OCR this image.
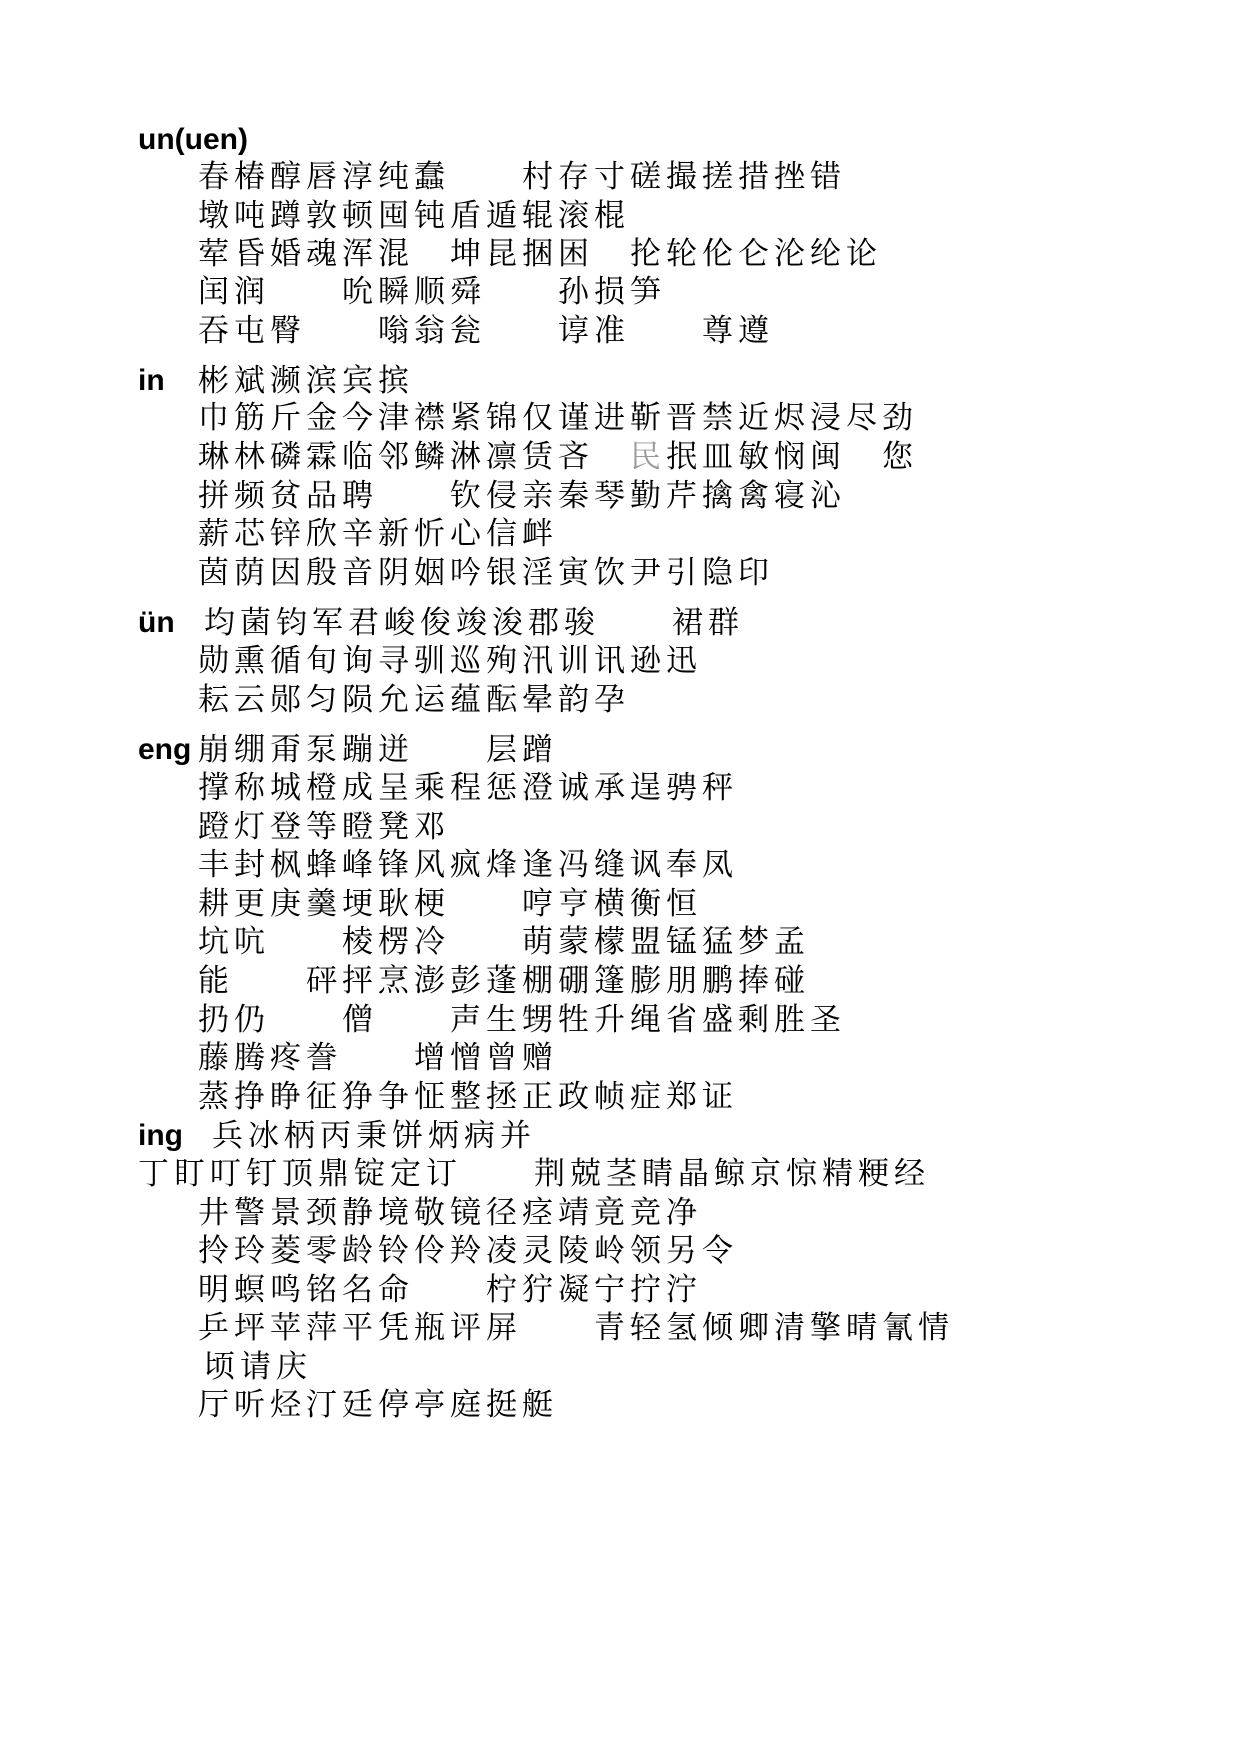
un(uen)
春椿醇唇淳纯蠢　　村存寸磋撮搓措挫错
墩吨蹲敦顿囤钝盾遁辊滚棍
荤昏婚魂浑混　坤昆捆困　抡轮伦仑沦纶论
闰润　　吮瞬顺舜　　孙损笋
吞屯臀　　嗡翁瓮　　谆准　　尊遵
in 彬斌濒滨宾摈
巾筋斤金今津襟紧锦仅谨进靳晋禁近烬浸尽劲
琳林磷霖临邻鳞淋凛赁吝　民抿皿敏悯闽　您
拼频贫品聘　　钦侵亲秦琴勤芹擒禽寝沁
薪芯锌欣辛新忻心信衅
茵荫因殷音阴姻吟银淫寅饮尹引隐印
ün 均菌钧军君峻俊竣浚郡骏　　裙群
勋熏循旬询寻驯巡殉汛训讯逊迅
耘云郧匀陨允运蕴酝晕韵孕
eng 崩绷甭泵蹦迸　　层蹭
撑称城橙成呈乘程惩澄诚承逞骋秤
蹬灯登等瞪凳邓
丰封枫蜂峰锋风疯烽逢冯缝讽奉凤
耕更庚羹埂耿梗　　哼亨横衡恒
坑吭　　棱楞冷　　萌蒙檬盟锰猛梦孟
能　　砰抨烹澎彭蓬棚硼篷膨朋鹏捧碰
扔仍　　僧　　声生甥牲升绳省盛剩胜圣
藤腾疼誊　　增憎曾赠
蒸挣睁征狰争怔整拯正政帧症郑证
ing 兵冰柄丙秉饼炳病并
丁盯叮钉顶鼎锭定订　　荆兢茎睛晶鲸京惊精粳经
井警景颈静境敬镜径痉靖竟竞净
拎玲菱零龄铃伶羚凌灵陵岭领另令
明螟鸣铭名命　　柠狞凝宁拧泞
乒坪苹萍平凭瓶评屏　　青轻氢倾卿清擎晴氰情
顷请庆
厅听烃汀廷停亭庭挺艇
